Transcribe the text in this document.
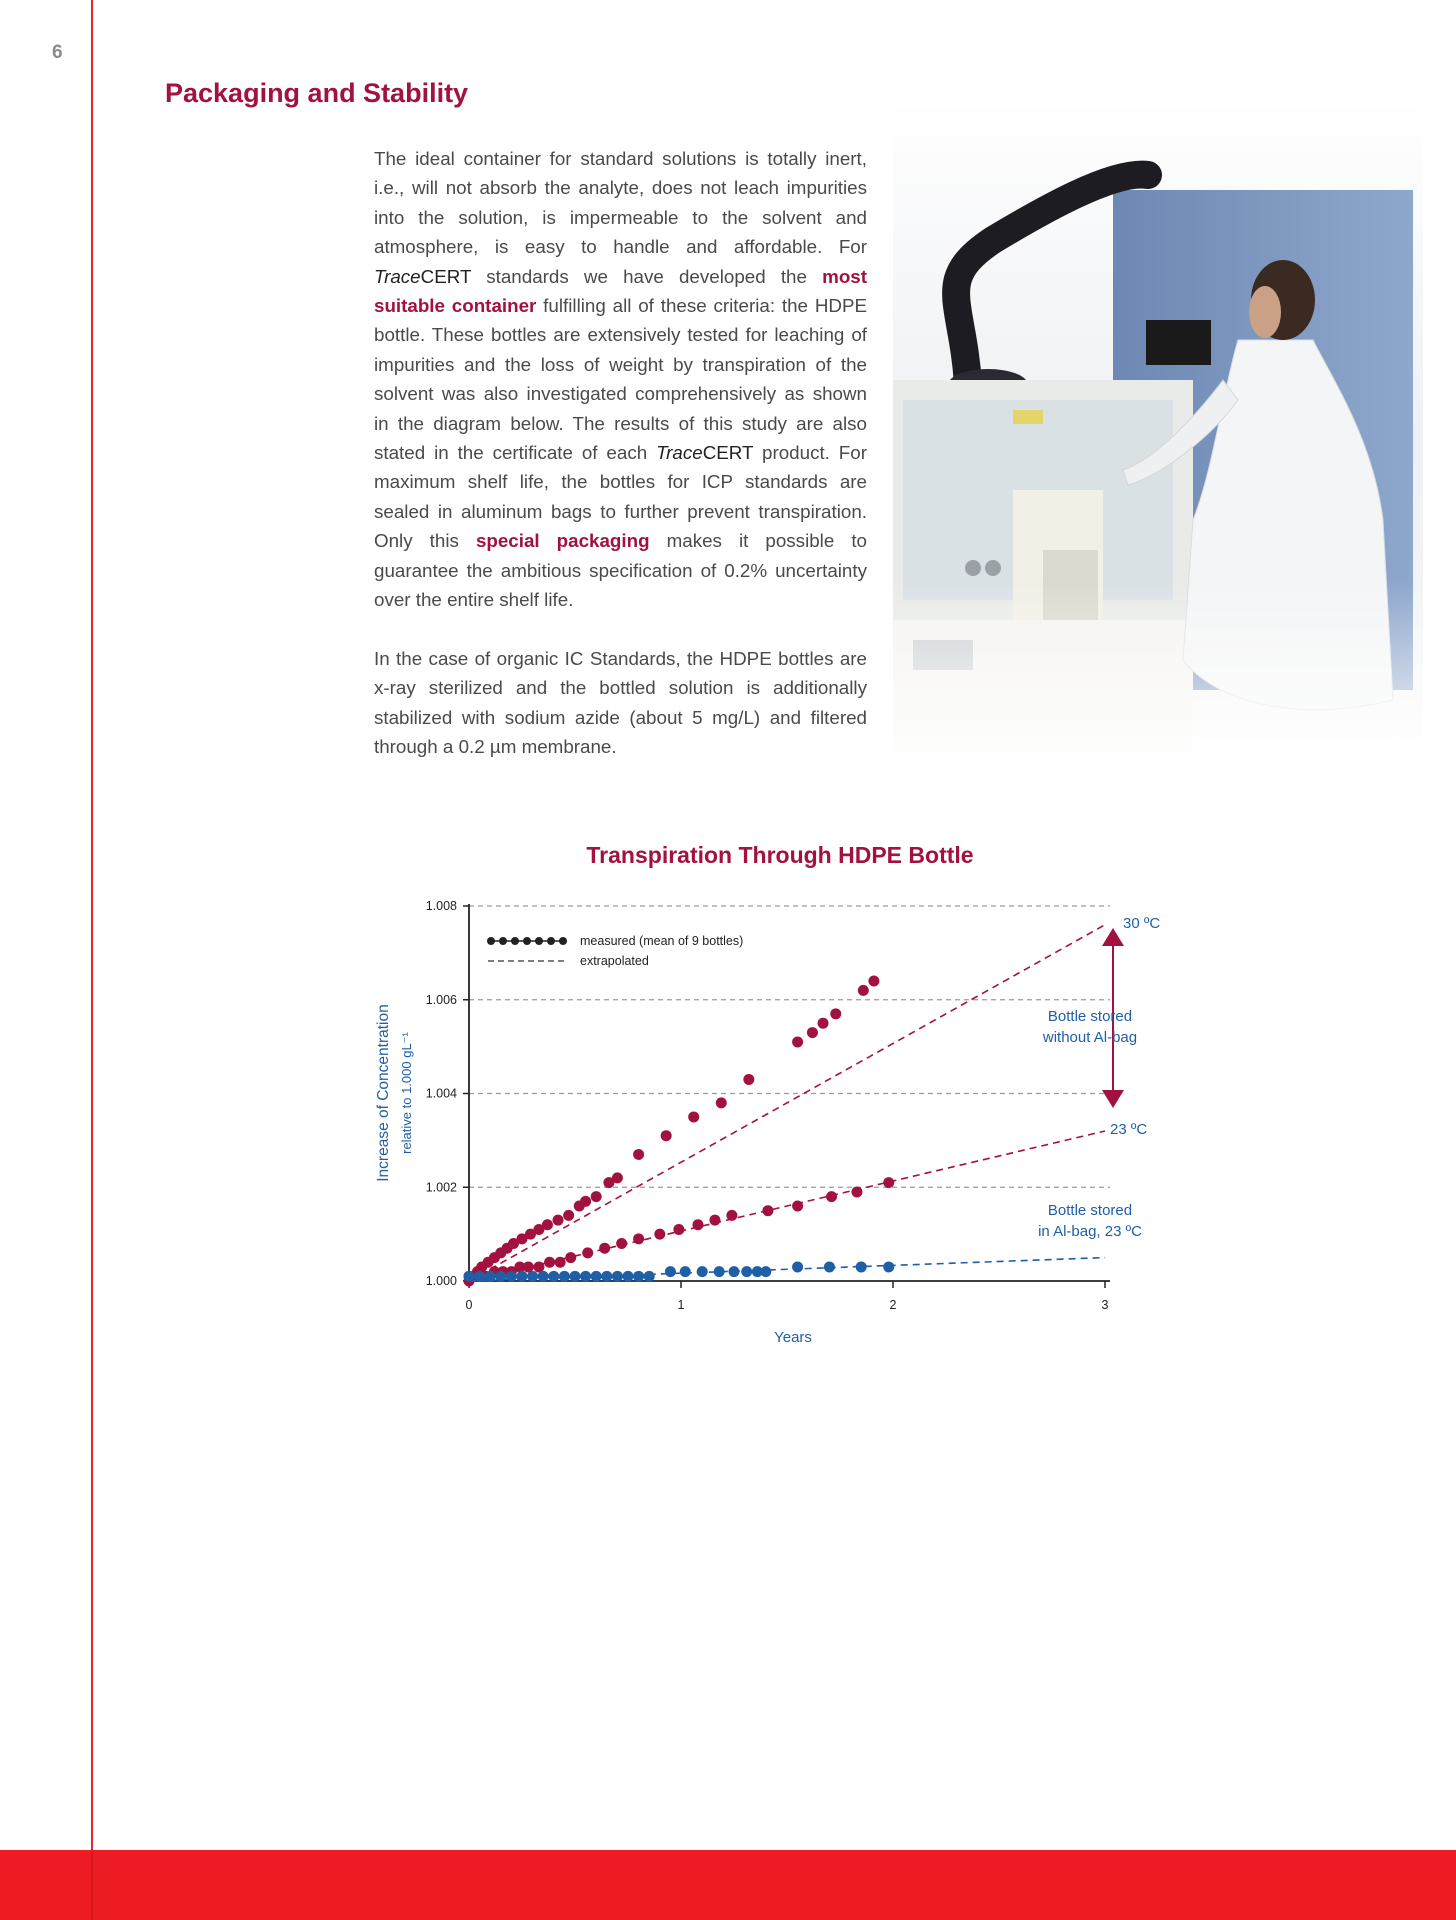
6
Packaging and Stability

The ideal container for standard solutions is totally inert, i.e., will not absorb the analyte, does not leach impurities into the solution, is impermeable to the solvent and atmosphere, is easy to handle and affordable. For TraceCERT standards we have developed the most suitable container fulfilling all of these criteria: the HDPE bottle. These bottles are extensively tested for leaching of impurities and the loss of weight by transpiration of the solvent was also investigated comprehensively as shown in the diagram below. The results of this study are also stated in the certificate of each TraceCERT product. For maximum shelf life, the bottles for ICP standards are sealed in aluminum bags to further prevent transpiration. Only this special packaging makes it possible to guarantee the ambitious specification of 0.2% uncertainty over the entire shelf life.

In the case of organic IC Standards, the HDPE bottles are x-ray sterilized and the bottled solution is additionally stabilized with sodium azide (about 5 mg/L) and filtered through a 0.2 µm membrane.

Transpiration Through HDPE Bottle
1.000
1.002
1.004
1.006
1.008
0	1	2	3
measured (mean of 9 bottles)
extrapolated
Increase of Concentration relative to 1.000 gL⁻¹
Years
30 ºC
Bottle stored
without Al-bag
23 ºC
Bottle stored
in Al-bag, 23 ºC
